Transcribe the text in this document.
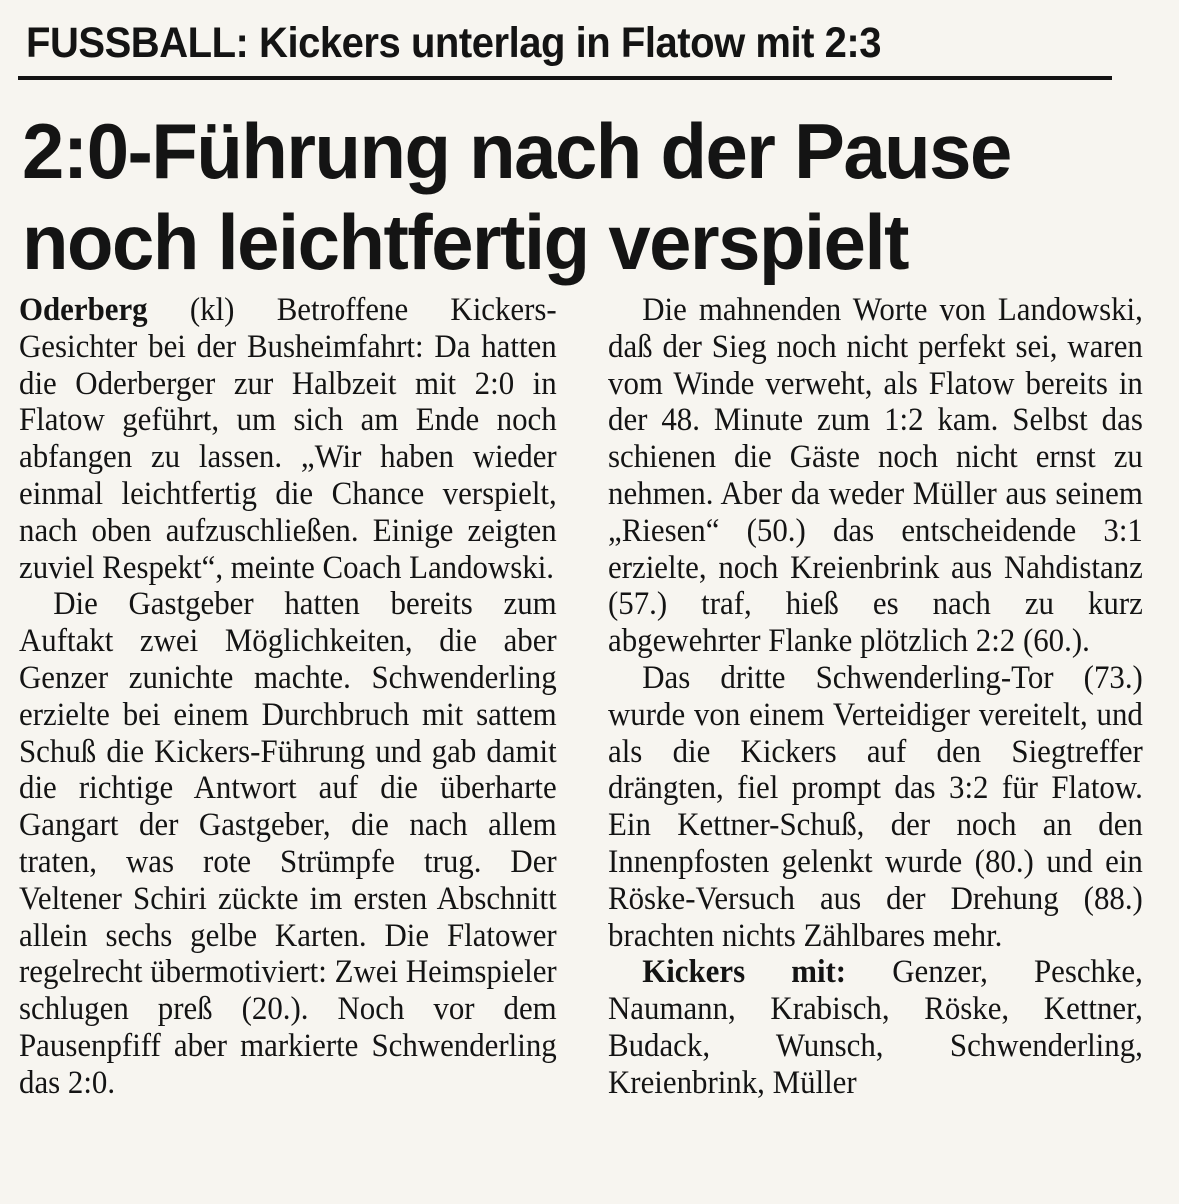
FUSSBALL: Kickers unterlag in Flatow mit 2:3
2:0-Führung nach der Pause
noch leichtfertig verspielt

Oderberg (kl) Betroffene Kickers-Gesichter bei der Busheimfahrt: Da hatten die Oderberger zur Halbzeit mit 2:0 in Flatow geführt, um sich am Ende noch abfangen zu lassen. „Wir haben wieder einmal leichtfertig die Chance verspielt, nach oben aufzuschließen. Einige zeigten zuviel Respekt“, meinte Coach Landowski.

Die Gastgeber hatten bereits zum Auftakt zwei Möglichkeiten, die aber Genzer zunichte machte. Schwenderling erzielte bei einem Durchbruch mit sattem Schuß die Kickers-Führung und gab damit die richtige Antwort auf die überharte Gangart der Gastgeber, die nach allem traten, was rote Strümpfe trug. Der Veltener Schiri zückte im ersten Abschnitt allein sechs gelbe Karten. Die Flatower regelrecht übermotiviert: Zwei Heimspieler schlugen preß (20.). Noch vor dem Pausenpfiff aber markierte Schwenderling das 2:0.

Die mahnenden Worte von Landowski, daß der Sieg noch nicht perfekt sei, waren vom Winde verweht, als Flatow bereits in der 48. Minute zum 1:2 kam. Selbst das schienen die Gäste noch nicht ernst zu nehmen. Aber da weder Müller aus seinem „Riesen“ (50.) das entscheidende 3:1 erzielte, noch Kreienbrink aus Nahdistanz (57.) traf, hieß es nach zu kurz abgewehrter Flanke plötzlich 2:2 (60.).

Das dritte Schwenderling-Tor (73.) wurde von einem Verteidiger vereitelt, und als die Kickers auf den Siegtreffer drängten, fiel prompt das 3:2 für Flatow. Ein Kettner-Schuß, der noch an den Innenpfosten gelenkt wurde (80.) und ein Röske-Versuch aus der Drehung (88.) brachten nichts Zählbares mehr.

Kickers mit: Genzer, Peschke, Naumann, Krabisch, Röske, Kettner, Budack, Wunsch, Schwenderling, Kreienbrink, Müller
